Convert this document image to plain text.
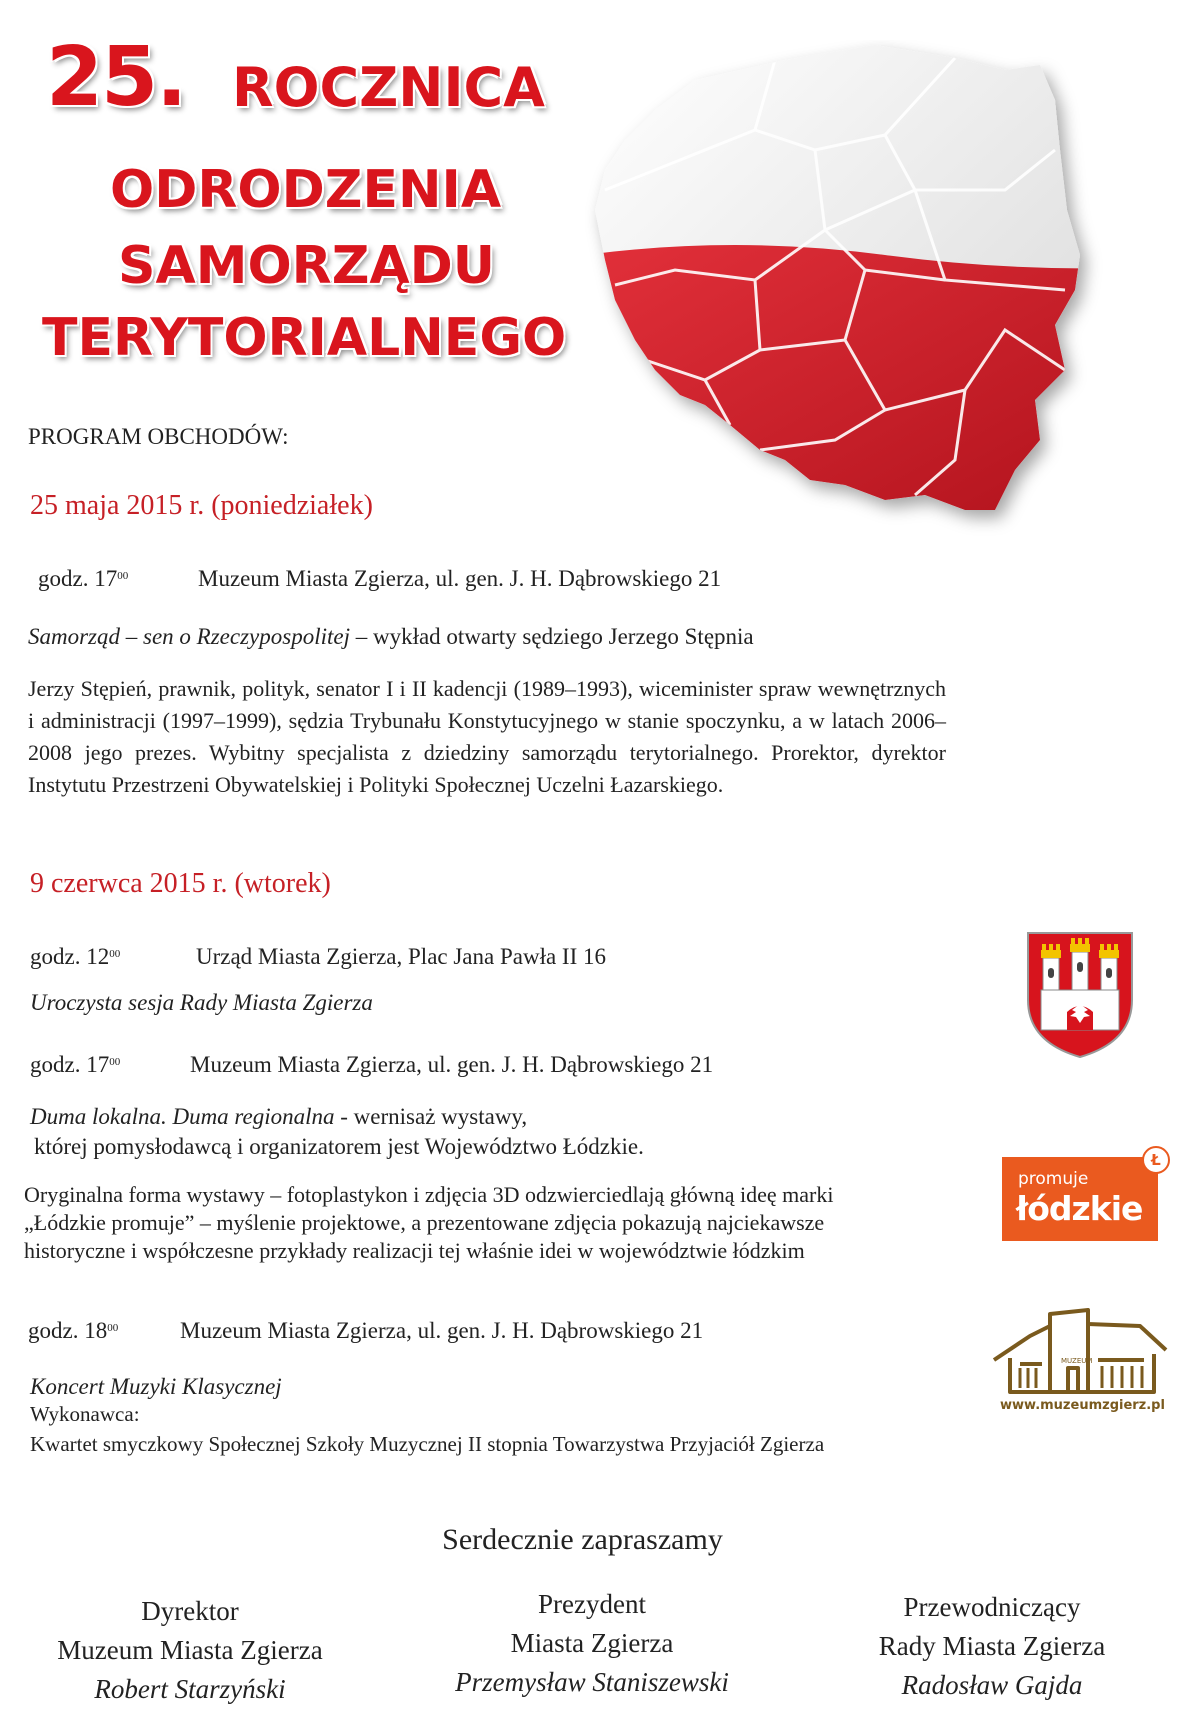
25. ROCZNICA
ODRODZENIA
SAMORZĄDU
TERYTORIALNEGO
PROGRAM OBCHODÓW:
25 maja 2015 r. (poniedziałek)
godz. $17^{00}$	Muzeum Miasta Zgierza, ul. gen. J. H. Dąbrowskiego 21
Samorząd – sen o Rzeczypospolitej – wykład otwarty sędziego Jerzego Stępnia
Jerzy Stępień, prawnik, polityk, senator I i II kadencji (1989–1993), wiceminister spraw wewnętrznych i administracji (1997–1999), sędzia Trybunału Konstytucyjnego w stanie spoczynku, a w latach 2006–2008 jego prezes. Wybitny specjalista z dziedziny samorządu terytorialnego. Prorektor, dyrektor Instytutu Przestrzeni Obywatelskiej i Polityki Społecznej Uczelni Łazarskiego.
9 czerwca 2015 r. (wtorek)
godz. $12^{00}$	Urząd Miasta Zgierza, Plac Jana Pawła II 16
Uroczysta sesja Rady Miasta Zgierza
godz. $17^{00}$	Muzeum Miasta Zgierza, ul. gen. J. H. Dąbrowskiego 21
Duma lokalna. Duma regionalna - wernisaż wystawy,
której pomysłodawcą i organizatorem jest Województwo Łódzkie.
Oryginalna forma wystawy – fotoplastykon i zdjęcia 3D odzwierciedlają główną ideę marki
„Łódzkie promuje” – myślenie projektowe, a prezentowane zdjęcia pokazują najciekawsze
historyczne i współczesne przykłady realizacji tej właśnie idei w województwie łódzkim
godz. $18^{00}$	Muzeum Miasta Zgierza, ul. gen. J. H. Dąbrowskiego 21
Koncert Muzyki Klasycznej
Wykonawca:
Kwartet smyczkowy Społecznej Szkoły Muzycznej II stopnia Towarzystwa Przyjaciół Zgierza
Serdecznie zapraszamy
Dyrektor
Muzeum Miasta Zgierza
Robert Starzyński
Prezydent
Miasta Zgierza
Przemysław Staniszewski
Przewodniczący
Rady Miasta Zgierza
Radosław Gajda
promuje
łódzkie
Ł
MUZEUM
www.muzeumzgierz.pl
